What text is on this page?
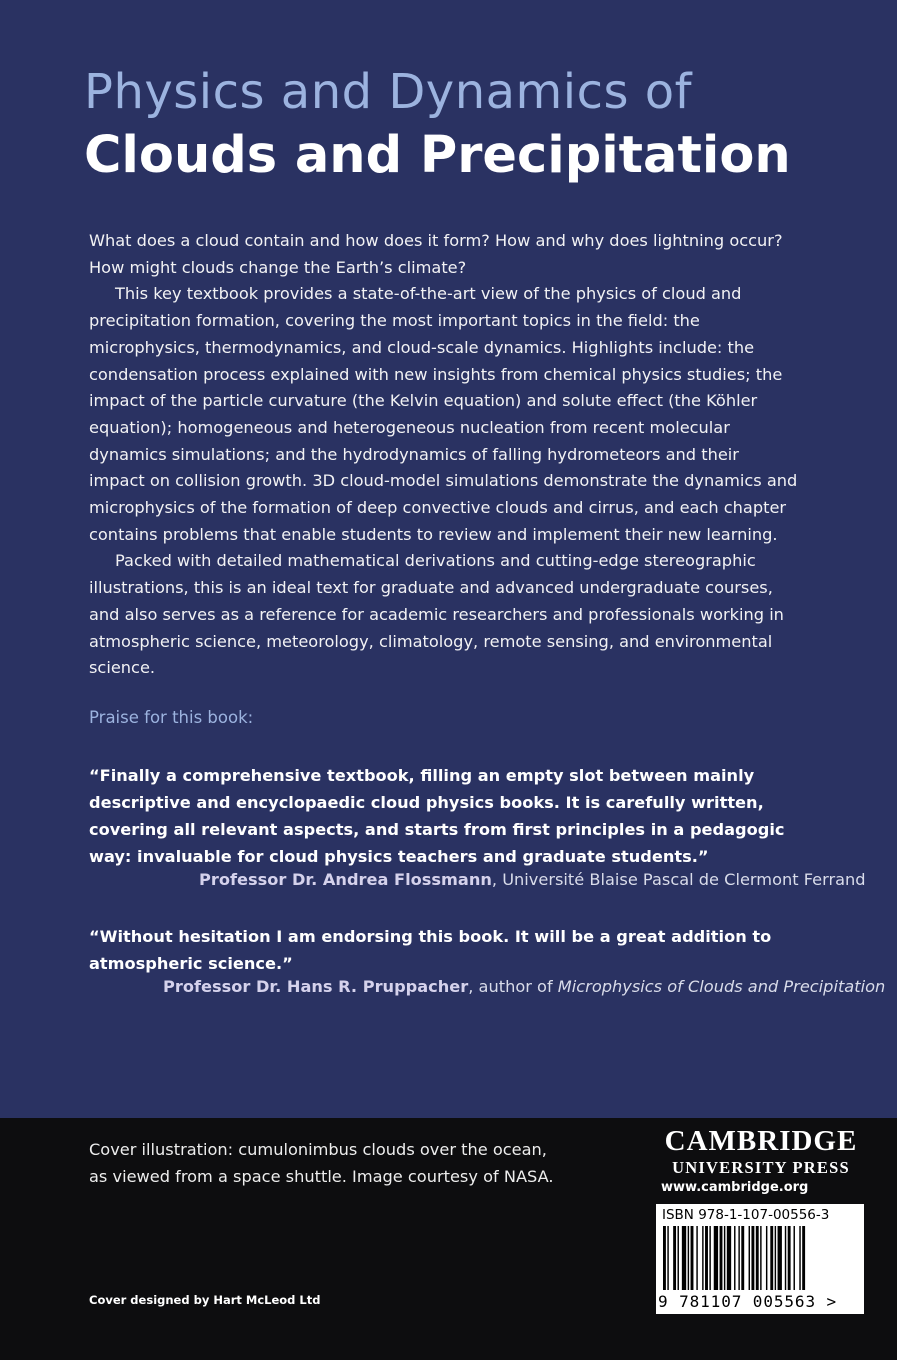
Physics and Dynamics of
Clouds and Precipitation

What does a cloud contain and how does it form? How and why does lightning occur? How might clouds change the Earth’s climate?

This key textbook provides a state-of-the-art view of the physics of cloud and precipitation formation, covering the most important topics in the field: the microphysics, thermodynamics, and cloud-scale dynamics. Highlights include: the condensation process explained with new insights from chemical physics studies; the impact of the particle curvature (the Kelvin equation) and solute effect (the Köhler equation); homogeneous and heterogeneous nucleation from recent molecular dynamics simulations; and the hydrodynamics of falling hydrometeors and their impact on collision growth. 3D cloud-model simulations demonstrate the dynamics and microphysics of the formation of deep convective clouds and cirrus, and each chapter contains problems that enable students to review and implement their new learning.

Packed with detailed mathematical derivations and cutting-edge stereographic illustrations, this is an ideal text for graduate and advanced undergraduate courses, and also serves as a reference for academic researchers and professionals working in atmospheric science, meteorology, climatology, remote sensing, and environmental science.

Praise for this book:
“Finally a comprehensive textbook, filling an empty slot between mainly descriptive and encyclopaedic cloud physics books. It is carefully written, covering all relevant aspects, and starts from first principles in a pedagogic way: invaluable for cloud physics teachers and graduate students.”
Professor Dr. Andrea Flossmann, Université Blaise Pascal de Clermont Ferrand
“Without hesitation I am endorsing this book. It will be a great addition to atmospheric science.”
Professor Dr. Hans R. Pruppacher, author of Microphysics of Clouds and Precipitation
Cover illustration: cumulonimbus clouds over the ocean, as viewed from a space shuttle. Image courtesy of NASA.
Cover designed by Hart McLeod Ltd
CAMBRIDGE
UNIVERSITY PRESS
www.cambridge.org
ISBN 978-1-107-00556-3
9 781107 005563 >
